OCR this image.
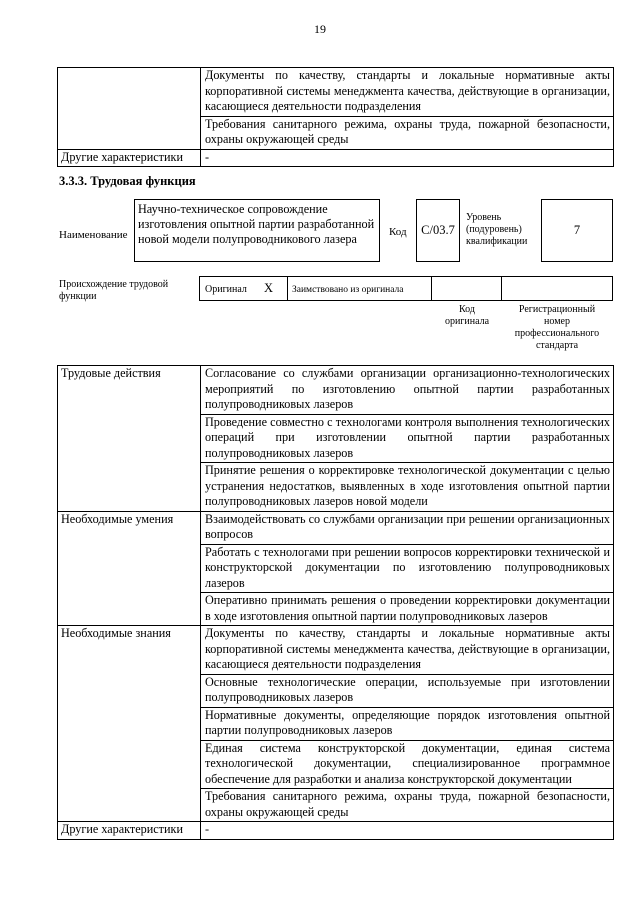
19
	Документы по качеству, стандарты и локальные нормативные акты корпоративной системы менеджмента качества, действующие в организации, касающиеся деятельности подразделения
	Требования санитарного режима, охраны труда, пожарной безопасности, охраны окружающей среды
Другие характеристики	-
3.3.3. Трудовая функция
Наименование
Научно-техническое сопровождение изготовления опытной партии разработанной новой модели полупроводникового лазера	Код	C/03.7
Уровень (подуровень) квалификации
7
Происхождение трудовой функции
Оригинал X Заимствовано из оригинала
Код оригинала
Регистрационный номер профессионального стандарта
Трудовые действия	Согласование со службами организации организационно-технологических мероприятий по изготовлению опытной партии разработанных полупроводниковых лазеров
	Проведение совместно с технологами контроля выполнения технологических операций при изготовлении опытной партии разработанных полупроводниковых лазеров
	Принятие решения о корректировке технологической документации с целью устранения недостатков, выявленных в ходе изготовления опытной партии полупроводниковых лазеров новой модели
Необходимые умения	Взаимодействовать со службами организации при решении организационных вопросов
	Работать с технологами при решении вопросов корректировки технической и конструкторской документации по изготовлению полупроводниковых лазеров
	Оперативно принимать решения о проведении корректировки документации в ходе изготовления опытной партии полупроводниковых лазеров
Необходимые знания	Документы по качеству, стандарты и локальные нормативные акты корпоративной системы менеджмента качества, действующие в организации, касающиеся деятельности подразделения
	Основные технологические операции, используемые при изготовлении полупроводниковых лазеров
	Нормативные документы, определяющие порядок изготовления опытной партии полупроводниковых лазеров
	Единая система конструкторской документации, единая система технологической документации, специализированное программное обеспечение для разработки и анализа конструкторской документации
	Требования санитарного режима, охраны труда, пожарной безопасности, охраны окружающей среды
Другие характеристики	-
